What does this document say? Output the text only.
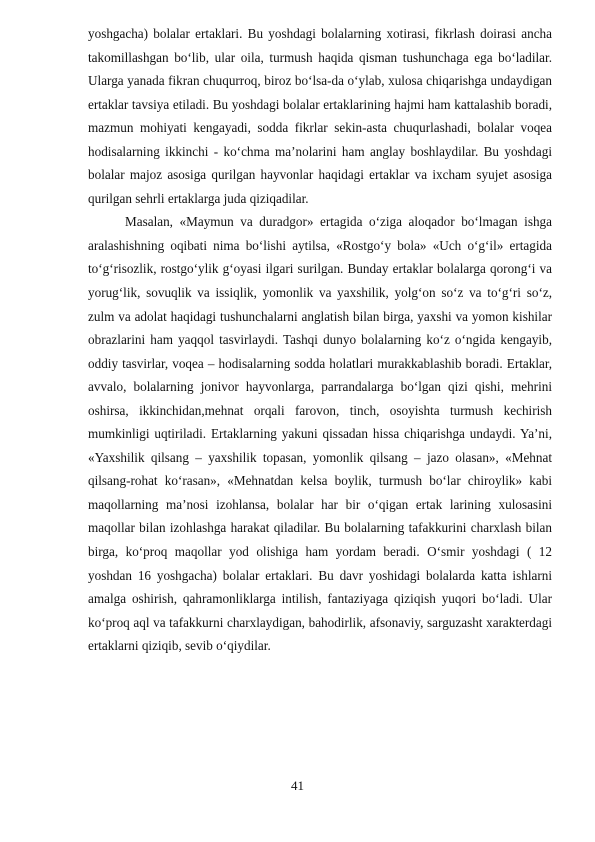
yoshgacha) bolalar ertaklari. Bu yoshdagi bolalarning xotirasi, fikrlash doirasi ancha takomillashgan bo‘lib, ular oila, turmush haqida qisman tushunchaga ega bo‘ladilar. Ularga yanada fikran chuqurroq, biroz bo‘lsa-da o‘ylab, xulosa chiqarishga undaydigan ertaklar tavsiya etiladi. Bu yoshdagi bolalar ertaklarining hajmi ham kattalashib boradi, mazmun mohiyati kengayadi, sodda fikrlar sekin-asta chuqurlashadi, bolalar voqea hodisalarning ikkinchi - ko‘chma ma’nolarini ham anglay boshlaydilar. Bu yoshdagi bolalar majoz asosiga qurilgan hayvonlar haqidagi ertaklar va ixcham syujet asosiga qurilgan sehrli ertaklarga juda qiziqadilar.

Masalan, «Maymun va duradgor» ertagida o‘ziga aloqador bo‘lmagan ishga aralashishning oqibati nima bo‘lishi aytilsa, «Rostgo‘y bola» «Uch o‘g‘il» ertagida to‘g‘risozlik, rostgo‘ylik g‘oyasi ilgari surilgan. Bunday ertaklar bolalarga qorong‘i va yorug‘lik, sovuqlik va issiqlik, yomonlik va yaxshilik, yolg‘on so‘z va to‘g‘ri so‘z, zulm va adolat haqidagi tushunchalarni anglatish bilan birga, yaxshi va yomon kishilar obrazlarini ham yaqqol tasvirlaydi. Tashqi dunyo bolalarning ko‘z o‘ngida kengayib, oddiy tasvirlar, voqea – hodisalarning sodda holatlari murakkablashib boradi. Ertaklar, avvalo, bolalarning jonivor hayvonlarga, parrandalarga bo‘lgan qizi qishi, mehrini oshirsa, ikkinchidan,mehnat orqali farovon, tinch, osoyishta turmush kechirish mumkinligi uqtiriladi. Ertaklarning yakuni qissadan hissa chiqarishga undaydi. Ya’ni, «Yaxshilik qilsang – yaxshilik topasan, yomonlik qilsang – jazo olasan», «Mehnat qilsang-rohat ko‘rasan», «Mehnatdan kelsa boylik, turmush bo‘lar chiroylik» kabi maqollarning ma’nosi izohlansa, bolalar har bir o‘qigan ertak larining xulosasini maqollar bilan izohlashga harakat qiladilar. Bu bolalarning tafakkurini charxlash bilan birga, ko‘proq maqollar yod olishiga ham yordam beradi. O‘smir yoshdagi ( 12 yoshdan 16 yoshgacha) bolalar ertaklari. Bu davr yoshidagi bolalarda katta ishlarni amalga oshirish, qahramonliklarga intilish, fantaziyaga qiziqish yuqori bo‘ladi. Ular ko‘proq aql va tafakkurni charxlaydigan, bahodirlik, afsonaviy, sarguzasht xarakterdagi ertaklarni qiziqib, sevib o‘qiydilar.

41
